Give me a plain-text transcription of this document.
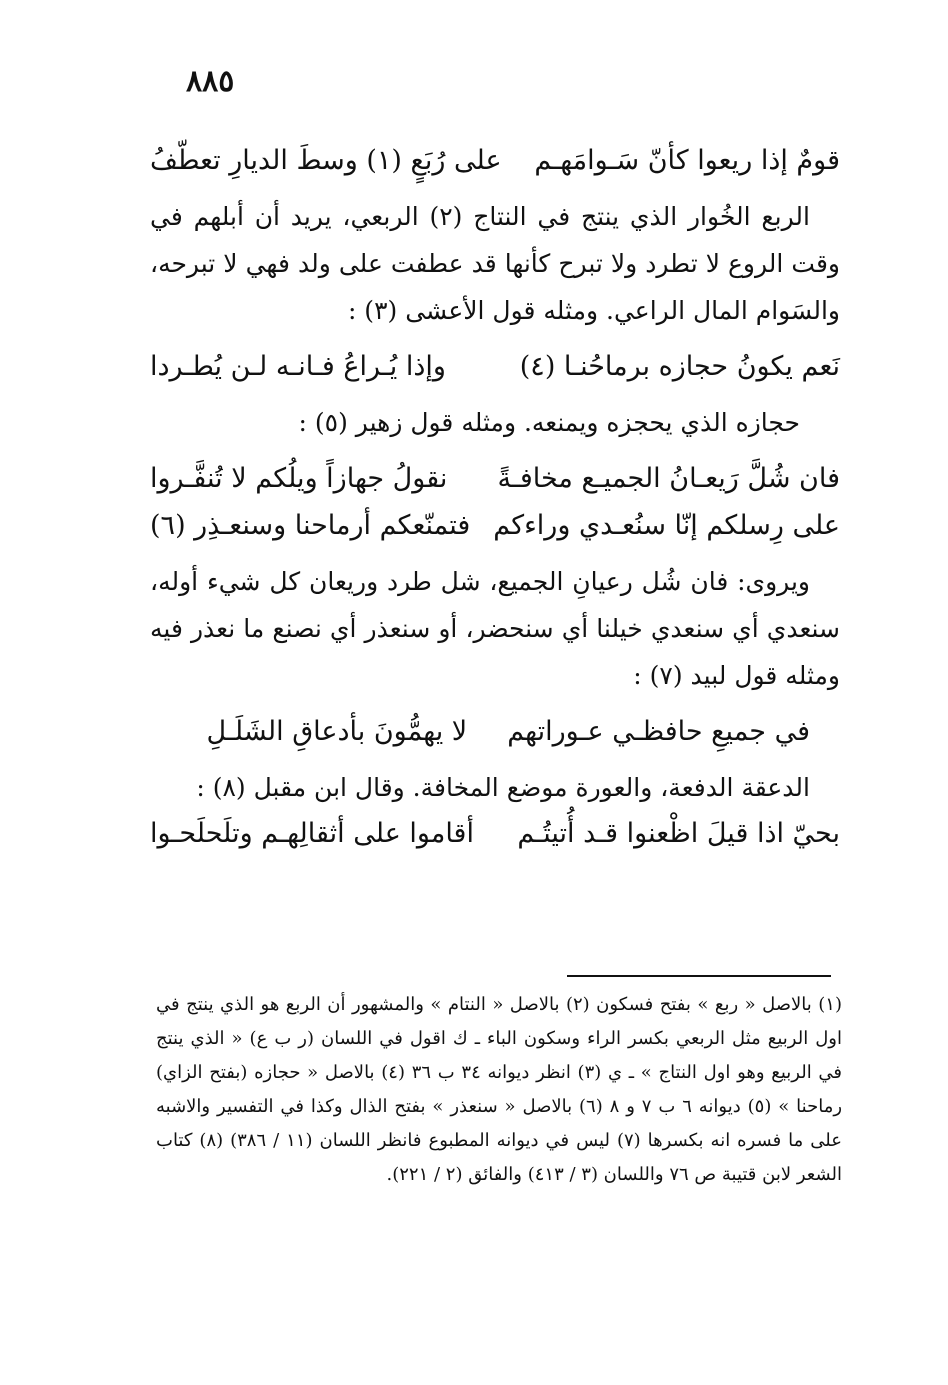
٨٨٥
قومٌ إذا ريعوا كأنّ سَـوامَهـم
على رُبَعٍ (١) وسطَ الديارِ تعطّفُ

الربع الخُوار الذي ينتج في النتاج (٢) الربعي، يريد أن أبلهم في وقت الروع لا تطرد ولا تبرح كأنها قد عطفت على ولد فهي لا تبرحه، والسَوام المال الراعي. ومثله قول الأعشى (٣) :

نَعم يكونُ حجازه برماحُنـا (٤)
وإذا يُـراعُ فـانـه لـن يُطـردا

حجازه الذي يحجزه ويمنعه. ومثله قول زهير (٥) :

فان شُلَّ رَيعـانُ الجميـع مخافـةً
نقولُ جهازاً ويلُكم لا تُنفَّـروا
على رِسلكم إنّا سنُعـدي وراءكم
فتمنّعكم أرماحنا وسنعـذِر (٦)

ويروى: فان شُل رعيانِ الجميع، شل طرد وريعان كل شيء أوله، سنعدي أي سنعدي خيلنا أي سنحضر، أو سنعذر أي نصنع ما نعذر فيه ومثله قول لبيد (٧) :

في جميعِ حافظـي عـوراتهم
لا يهمُّونَ بأدعاقِ الشَلَـلِ

الدعقة الدفعة، والعورة موضع المخافة. وقال ابن مقبل (٨) :

بحيّ اذا قيلَ اظْعنوا قـد أُتيتُـم
أقاموا على أثقالِهـم وتلَحلَحـوا

(١) بالاصل « ربع » بفتح فسكون (٢) بالاصل « النتام » والمشهور أن الربع هو الذي ينتج في اول الربيع مثل الربعي بكسر الراء وسكون الباء ـ ك اقول في اللسان (ر ب ع) « الذي ينتج في الربيع وهو اول النتاج » ـ ي (٣) انظر ديوانه ٣٤ ب ٣٦ (٤) بالاصل « حجازه (بفتح الزاي) رماحنا » (٥) ديوانه ٦ ب ٧ و ٨ (٦) بالاصل « سنعذر » بفتح الذال وكذا في التفسير والاشبه على ما فسره انه بكسرها (٧) ليس في ديوانه المطبوع فانظر اللسان (١١ / ٣٨٦) (٨) كتاب الشعر لابن قتيبة ص ٧٦ واللسان (٣ / ٤١٣) والفائق (٢ / ٢٢١).
